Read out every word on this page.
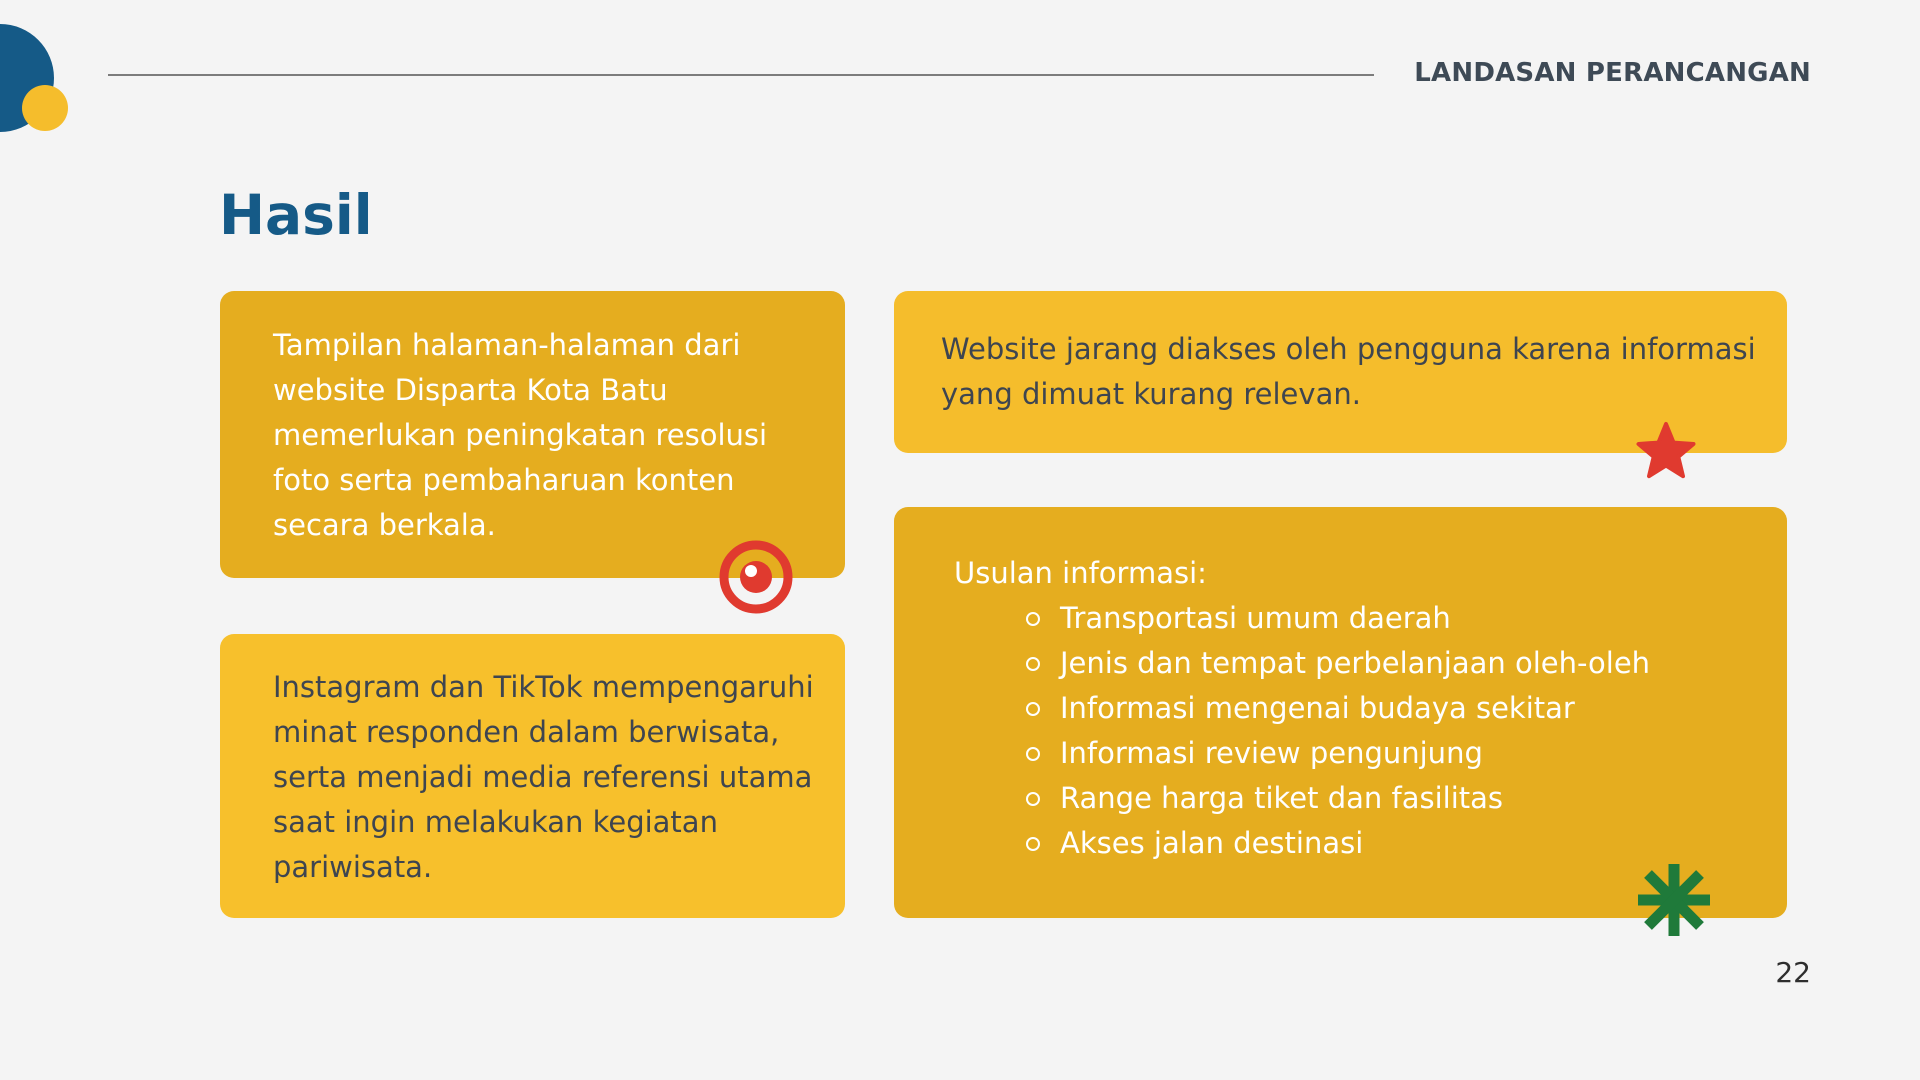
LANDASAN PERANCANGAN
Hasil

Tampilan halaman-halaman dari website Disparta Kota Batu memerlukan peningkatan resolusi foto serta pembaharuan konten secara berkala.

Instagram dan TikTok mempengaruhi minat responden dalam berwisata, serta menjadi media referensi utama saat ingin melakukan kegiatan pariwisata.

Website jarang diakses oleh pengguna karena informasi yang dimuat kurang relevan.

Usulan informasi:

Transportasi umum daerah
Jenis dan tempat perbelanjaan oleh-oleh
Informasi mengenai budaya sekitar
Informasi review pengunjung
Range harga tiket dan fasilitas
Akses jalan destinasi
22
